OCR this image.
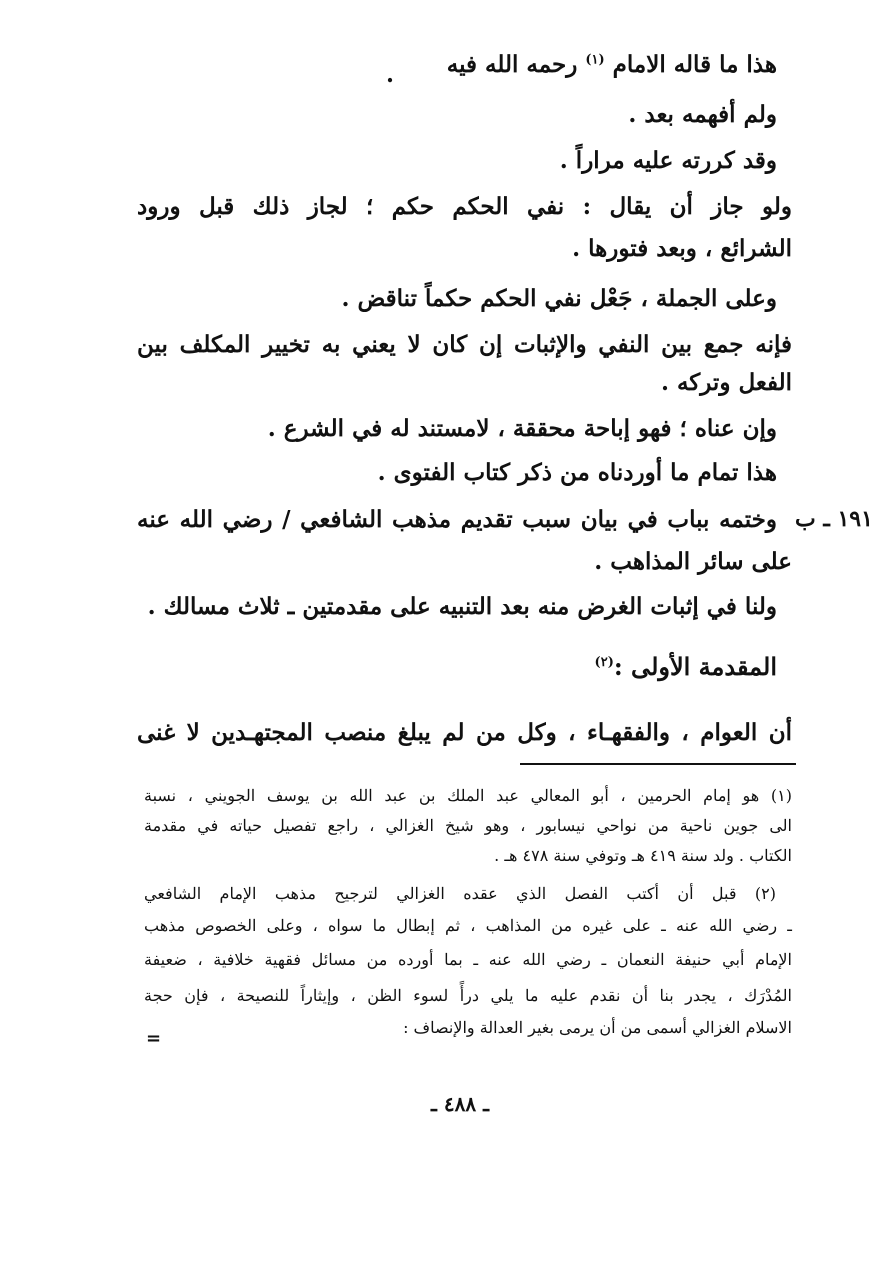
هذا ما قاله الامام $^{(١)}$ رحمه الله فيه
.
ولم أفهمه بعد .
وقد كررته عليه مراراً .
ولو جاز أن يقال : نفي الحكم حكم ؛ لجاز ذلك قبل ورود
الشرائع ، وبعد فتورها .
وعلى الجملة ، جَعْل نفي الحكم حكماً تناقض .
فإنه جمع بين النفي والإثبات إن كان لا يعني به تخيير المكلف بين
الفعل وتركه .
وإن عناه ؛ فهو إباحة محققة ، لامستند له في الشرع .
هذا تمام ما أوردناه من ذكر كتاب الفتوى .
وختمه بباب في بيان سبب تقديم مذهب الشافعي / رضي الله عنه
على سائر المذاهب .
ولنا في إثبات الغرض منه بعد التنبيه على مقدمتين ـ ثلاث مسالك .
المقدمة الأولى :$^{(٢)}$
أن العوام ، والفقهـاء ، وكل من لم يبلغ منصب المجتهـدين لا غنى
١٩١ ـ ب
(١) هو إمام الحرمين ، أبو المعالي عبد الملك بن عبد الله بن يوسف الجويني ، نسبة
الى جوين ناحية من نواحي نيسابور ، وهو شيخ الغزالي ، راجع تفصيل حياته في مقدمة
الكتاب . ولد سنة ٤١٩ هـ وتوفي سنة ٤٧٨ هـ .
(٢) قبل أن أكتب الفصل الذي عقده الغزالي لترجيح مذهب الإمام الشافعي
ـ رضي الله عنه ـ على غيره من المذاهب ، ثم إبطال ما سواه ، وعلى الخصوص مذهب
الإمام أبي حنيفة النعمان ـ رضي الله عنه ـ بما أورده من مسائل فقهية خلافية ، ضعيفة
المُدْرَك ، يجدر بنا أن نقدم عليه ما يلي درأً لسوء الظن ، وإيثاراً للنصيحة ، فإن حجة
الاسلام الغزالي أسمى من أن يرمى بغير العدالة والإنصاف :
=
ـ ٤٨٨ ـ
